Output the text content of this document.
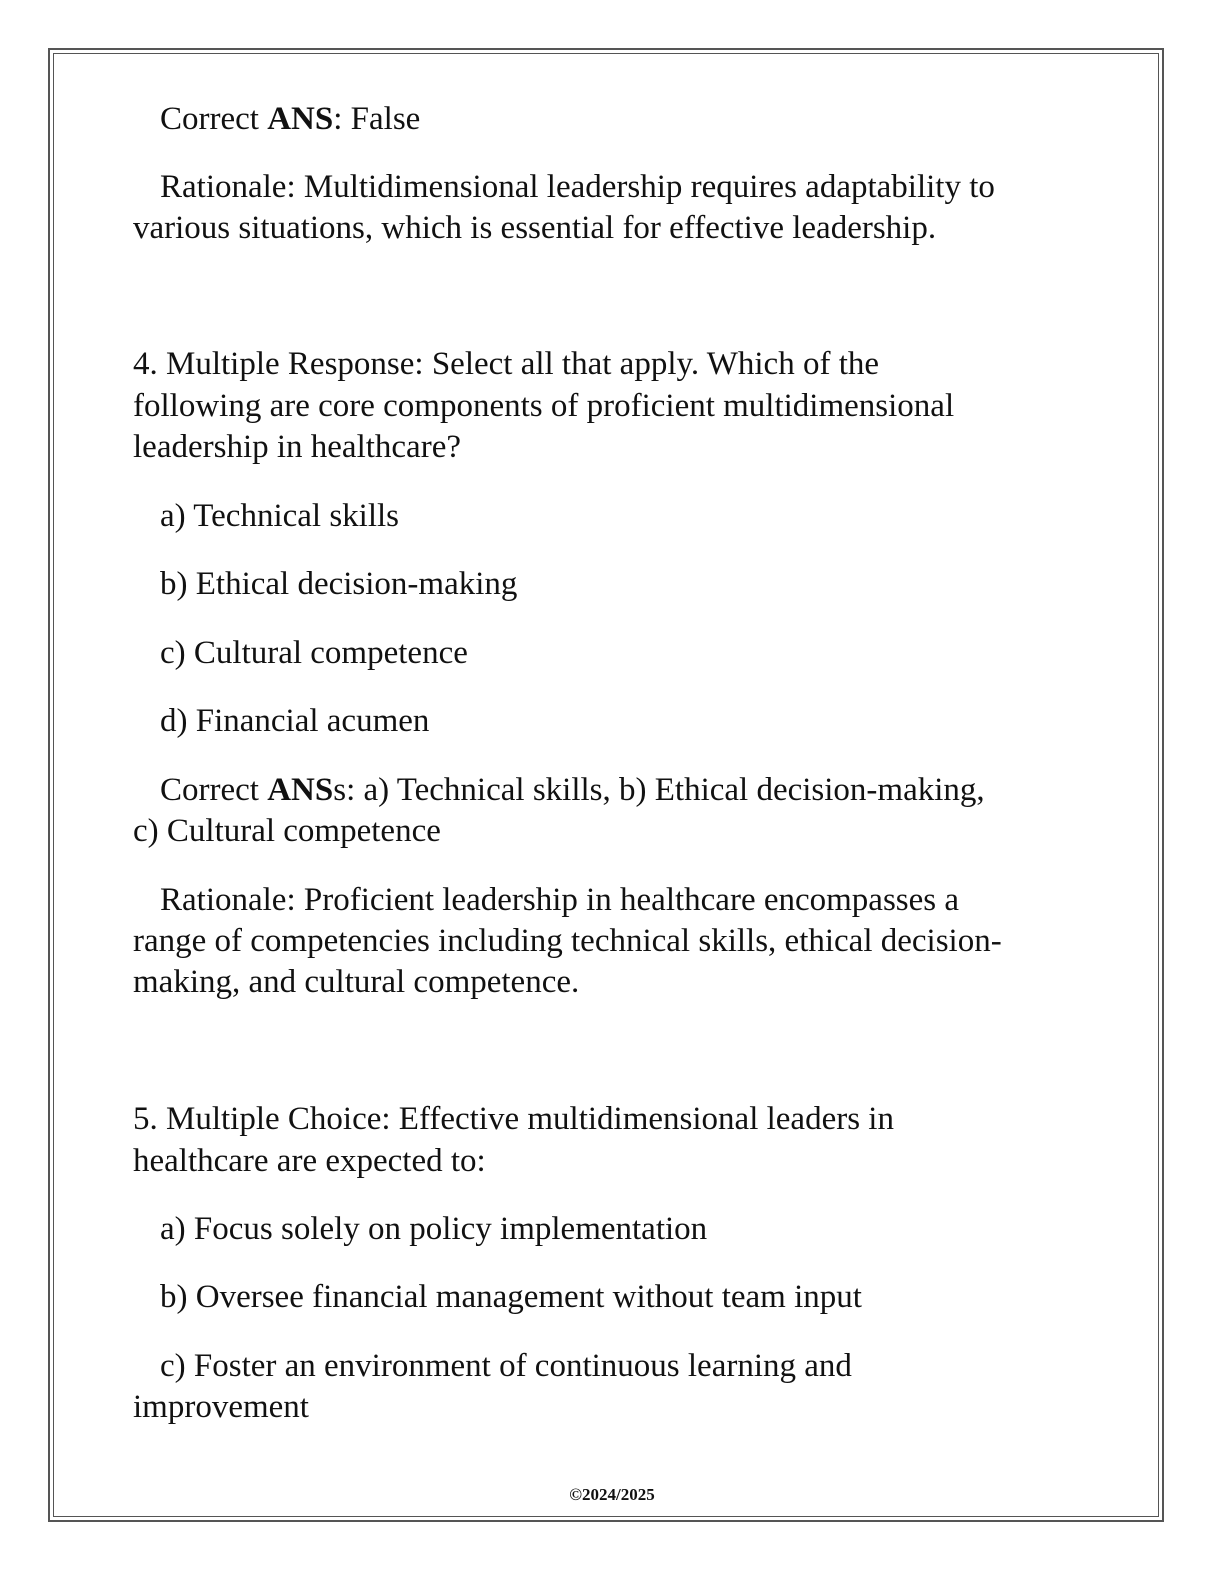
Correct ANS: False

Rationale: Multidimensional leadership requires adaptability to

various situations, which is essential for effective leadership.

4. Multiple Response: Select all that apply. Which of the

following are core components of proficient multidimensional

leadership in healthcare?

a) Technical skills

b) Ethical decision-making

c) Cultural competence

d) Financial acumen

Correct ANSs: a) Technical skills, b) Ethical decision-making,

c) Cultural competence

Rationale: Proficient leadership in healthcare encompasses a

range of competencies including technical skills, ethical decision-

making, and cultural competence.

5. Multiple Choice: Effective multidimensional leaders in

healthcare are expected to:

a) Focus solely on policy implementation

b) Oversee financial management without team input

c) Foster an environment of continuous learning and

improvement

©2024/2025
